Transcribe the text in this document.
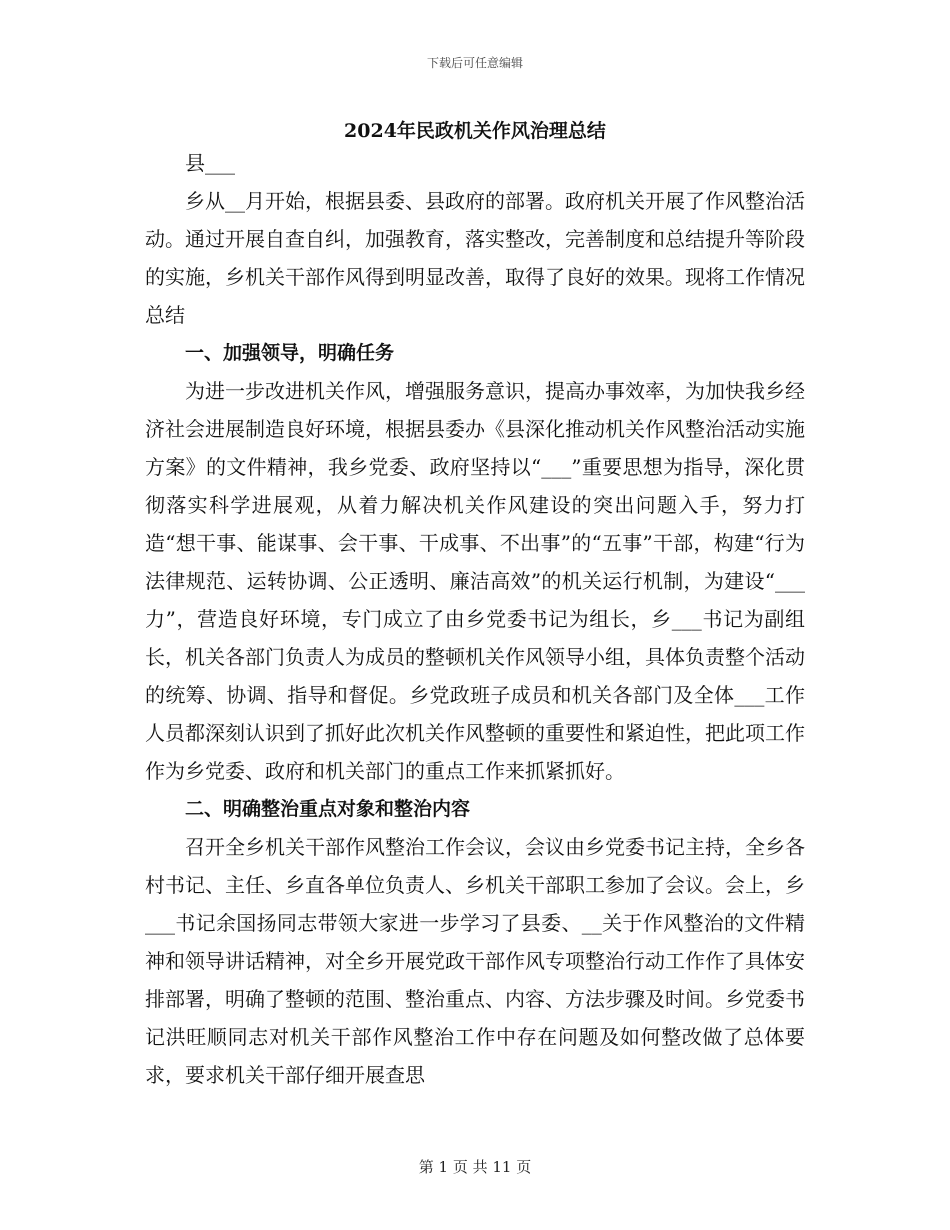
下载后可任意编辑
2024年民政机关作风治理总结

县___

乡从__月开始，根据县委、县政府的部署。政府机关开展了作风整治活动。通过开展自查自纠，加强教育，落实整改，完善制度和总结提升等阶段的实施，乡机关干部作风得到明显改善，取得了良好的效果。现将工作情况总结

一、加强领导，明确任务

为进一步改进机关作风，增强服务意识，提高办事效率，为加快我乡经济社会进展制造良好环境，根据县委办《县深化推动机关作风整治活动实施方案》的文件精神，我乡党委、政府坚持以“___”重要思想为指导，深化贯彻落实科学进展观，从着力解决机关作风建设的突出问题入手，努力打造“想干事、能谋事、会干事、干成事、不出事”的“五事”干部，构建“行为法律规范、运转协调、公正透明、廉洁高效”的机关运行机制，为建设“___力”，营造良好环境，专门成立了由乡党委书记为组长，乡___书记为副组长，机关各部门负责人为成员的整顿机关作风领导小组，具体负责整个活动的统筹、协调、指导和督促。乡党政班子成员和机关各部门及全体___工作人员都深刻认识到了抓好此次机关作风整顿的重要性和紧迫性，把此项工作作为乡党委、政府和机关部门的重点工作来抓紧抓好。

二、明确整治重点对象和整治内容

召开全乡机关干部作风整治工作会议，会议由乡党委书记主持，全乡各村书记、主任、乡直各单位负责人、乡机关干部职工参加了会议。会上，乡___书记余国扬同志带领大家进一步学习了县委、__关于作风整治的文件精神和领导讲话精神，对全乡开展党政干部作风专项整治行动工作作了具体安排部署，明确了整顿的范围、整治重点、内容、方法步骤及时间。乡党委书记洪旺顺同志对机关干部作风整治工作中存在问题及如何整改做了总体要求，要求机关干部仔细开展查思

第 1 页 共 11 页
